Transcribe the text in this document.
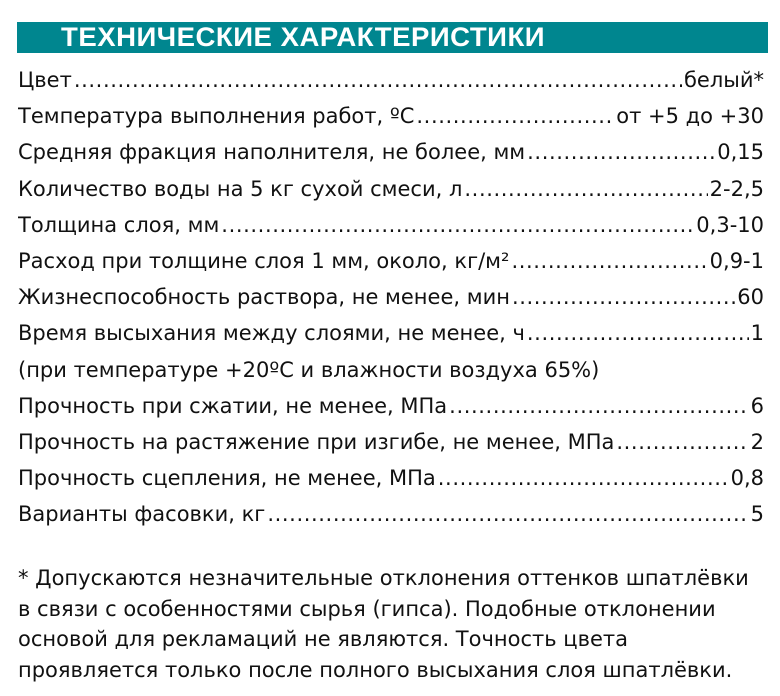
ТЕХНИЧЕСКИЕ ХАРАКТЕРИСТИКИ
Цвет .....	белый*
Температура выполнения работ, ºС .....	от +5 до +30
Средняя фракция наполнителя, не более, мм .....	0,15
Количество воды на 5 кг сухой смеси, л .....	2-2,5
Толщина слоя, мм .....	0,3-10
Расход при толщине слоя 1 мм, около, кг/м² .....	0,9-1
Жизнеспособность раствора, не менее, мин .....	60
Время высыхания между слоями, не менее, ч .....	1
(при температуре +20ºС и влажности воздуха 65%)
Прочность при сжатии, не менее, МПа .....	6
Прочность на растяжение при изгибе, не менее, МПа .....	2
Прочность сцепления, не менее, МПа .....	0,8
Варианты фасовки, кг .....	5

* Допускаются незначительные отклонения оттенков шпатлёвки

в связи с особенностями сырья (гипса). Подобные отклонении

основой для рекламаций не являются. Точность цвета

проявляется только после полного высыхания слоя шпатлёвки.
